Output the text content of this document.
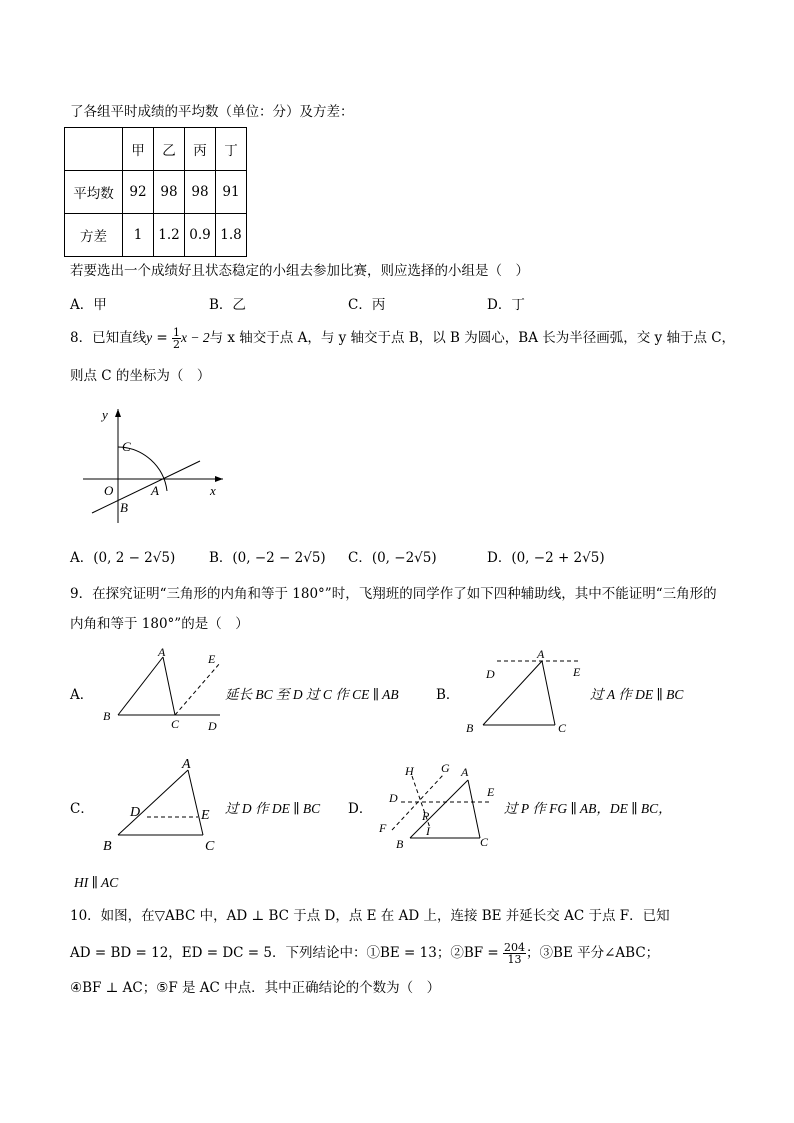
了各组平时成绩的平均数（单位：分）及方差：
	甲	乙	丙	丁
平均数	92	98	98	91
方差	1	1.2	0.9	1.8
若要选出一个成绩好且状态稳定的小组去参加比赛，则应选择的小组是（　）
A．甲	B．乙	C．丙	D．丁
8．已知直线$y = \frac{1}{2}$ x − 2与 x 轴交于点 A，与 y 轴交于点 B，以 B 为圆心，BA 长为半径画弧，交 y 轴于点 C，
则点 C 的坐标为（　）
y
x
C
O	A
B
A．(0, 2 − 2√5)	B．(0, −2 − 2√5) C．(0, −2√5)	D．(0, −2 + 2√5)
9．在探究证明“三角形的内角和等于 180°”时，飞翔班的同学作了如下四种辅助线，其中不能证明“三角形的
内角和等于 180°”的是（　）
A．
A	E
B
C D
延长 BC 至 D 过 C 作 CE ∥ AB	B．
A
D	E
B	C
过 A 作 DE ∥ BC
C．
A
D	E
B	C
过 D 作 DE ∥ BC D．
H G A
D	E
P
F	I
B	C
过 P 作 FG ∥ AB，DE ∥ BC，
HI ∥ AC
10．如图，在▽ABC 中，AD ⊥ BC 于点 D，点 E 在 AD 上，连接 BE 并延长交 AC 于点 F．已知
AD = BD = 12，ED = DC = 5．下列结论中：①BE = 13；②BF = $\frac{204}{13}$ ；③BE 平分∠ABC；
④BF ⊥ AC；⑤F 是 AC 中点．其中正确结论的个数为（　）
